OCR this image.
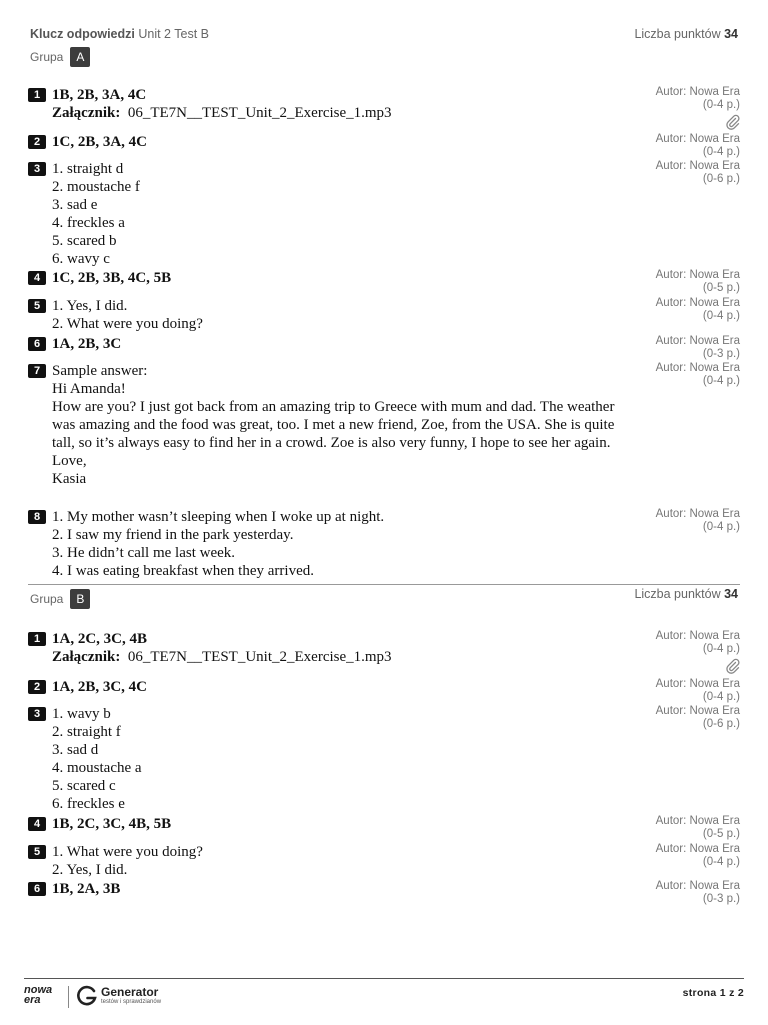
Klucz odpowiedzi Unit 2 Test B	Liczba punktów 34
Grupa	A
1 1B, 2B, 3A, 4C
Załącznik: 06_TE7N__TEST_Unit_2_Exercise_1.mp3
Autor: Nowa Era
(0-4 p.)
2 1C, 2B, 3A, 4C	Autor: Nowa Era
(0-4 p.)
3 1. straight d
2. moustache f
3. sad e
4. freckles a
5. scared b
6. wavy c
Autor: Nowa Era
(0-6 p.)
4 1C, 2B, 3B, 4C, 5B	Autor: Nowa Era
(0-5 p.)
5 1. Yes, I did.
2. What were you doing?
Autor: Nowa Era
(0-4 p.)
6 1A, 2B, 3C	Autor: Nowa Era
(0-3 p.)
7 Sample answer:
Hi Amanda!
How are you? I just got back from an amazing trip to Greece with mum and dad. The weather was amazing and the food was great, too. I met a new friend, Zoe, from the USA. She is quite tall, so it’s always easy to find her in a crowd. Zoe is also very funny, I hope to see her again.
Love,
Kasia
Autor: Nowa Era
(0-4 p.)
8 1. My mother wasn’t sleeping when I woke up at night.
2. I saw my friend in the park yesterday.
3. He didn’t call me last week.
4. I was eating breakfast when they arrived.
Autor: Nowa Era
(0-4 p.)
Grupa	B	Liczba punktów 34
1 1A, 2C, 3C, 4B
Załącznik: 06_TE7N__TEST_Unit_2_Exercise_1.mp3
Autor: Nowa Era
(0-4 p.)
2 1A, 2B, 3C, 4C	Autor: Nowa Era
(0-4 p.)
3 1. wavy b
2. straight f
3. sad d
4. moustache a
5. scared c
6. freckles e
Autor: Nowa Era
(0-6 p.)
4 1B, 2C, 3C, 4B, 5B	Autor: Nowa Era
(0-5 p.)
5 1. What were you doing?
2. Yes, I did.
Autor: Nowa Era
(0-4 p.)
6 1B, 2A, 3B	Autor: Nowa Era
(0-3 p.)
nowa
era
Generator
testów i sprawdzianów
strona 1 z 2
